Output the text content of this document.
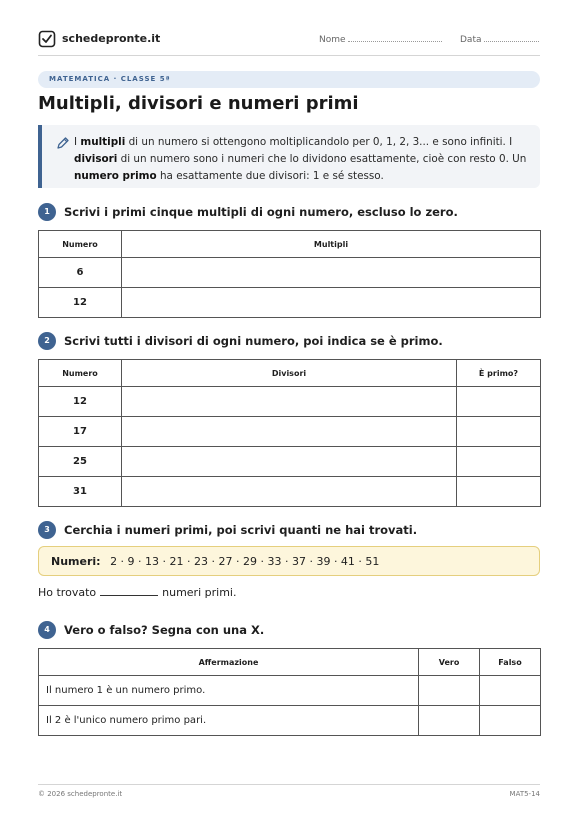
schedepronte.it	Nome	Data
MATEMATICA · CLASSE 5ª
Multipli, divisori e numeri primi
I multipli di un numero si ottengono moltiplicandolo per 0, 1, 2, 3... e sono infiniti. I divisori di un numero sono i numeri che lo dividono esattamente, cioè con resto 0. Un numero primo ha esattamente due divisori: 1 e sé stesso.
1	Scrivi i primi cinque multipli di ogni numero, escluso lo zero.
Numero	Multipli
6	
12	
2	Scrivi tutti i divisori di ogni numero, poi indica se è primo.
Numero	Divisori	È primo?
12		
17		
25		
31		
3	Cerchia i numeri primi, poi scrivi quanti ne hai trovati.
Numeri: 2 · 9 · 13 · 21 · 23 · 27 · 29 · 33 · 37 · 39 · 41 · 51
Ho trovato	numeri primi.
4	Vero o falso? Segna con una X.
Affermazione	Vero	Falso
Il numero 1 è un numero primo.		
Il 2 è l'unico numero primo pari.		
© 2026 schedepronte.it	MAT5-14
